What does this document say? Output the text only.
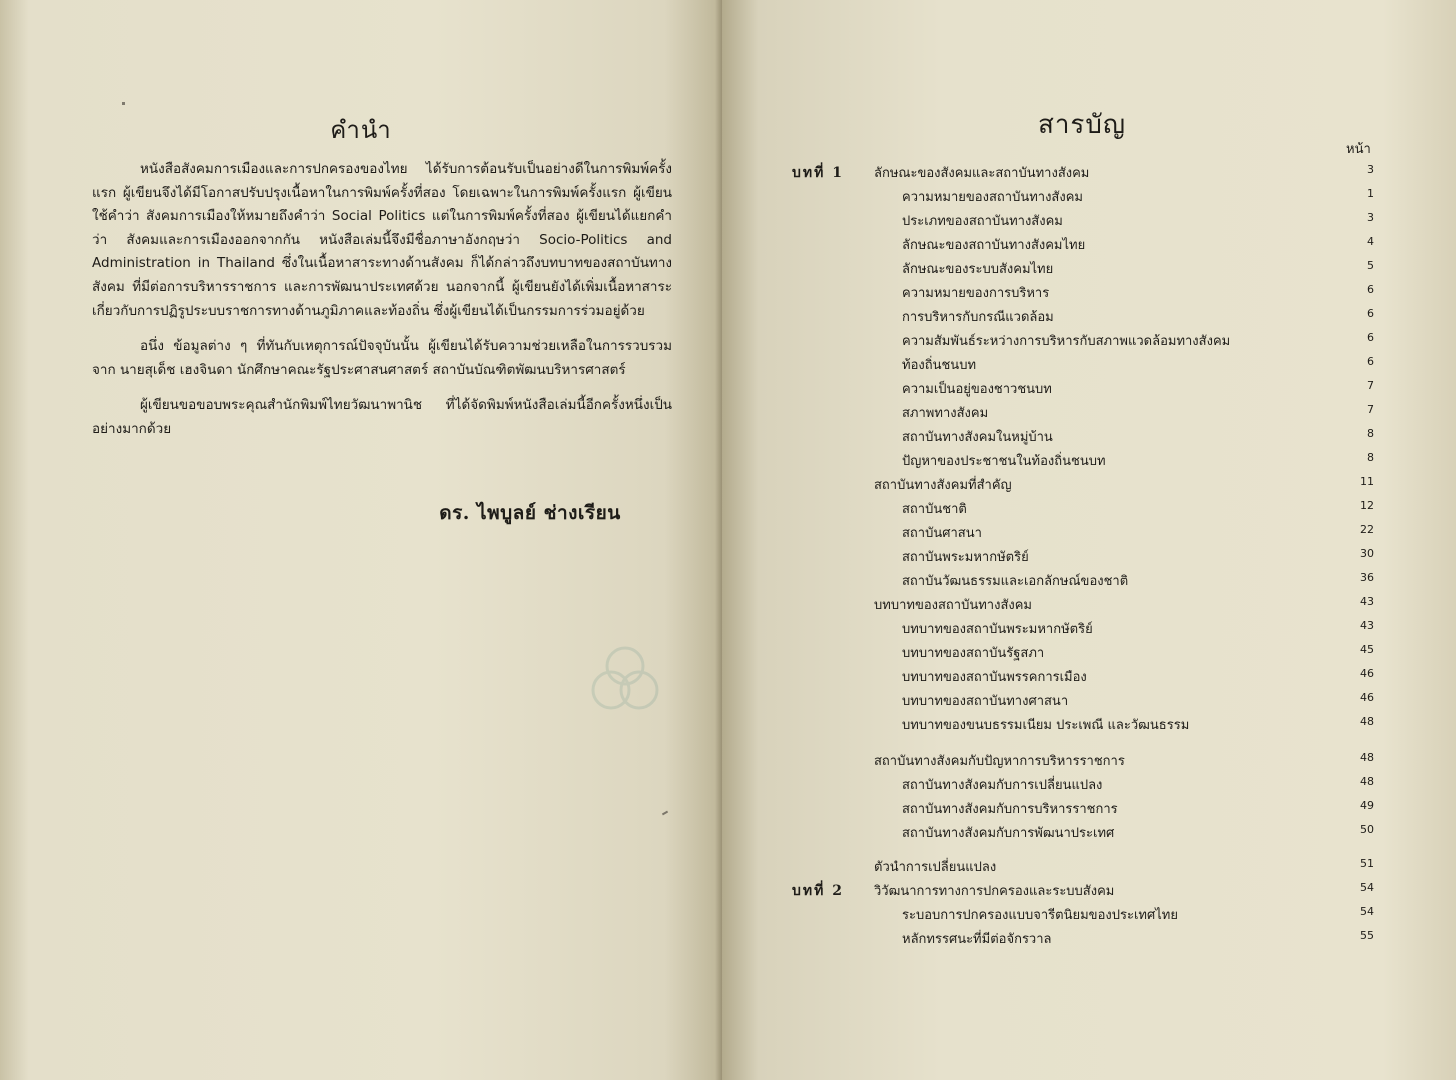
คำนำ

หนังสือสังคมการเมืองและการปกครองของไทย ได้รับการต้อนรับเป็นอย่างดีในการพิมพ์ครั้งแรก ผู้เขียนจึงได้มีโอกาสปรับปรุงเนื้อหาในการพิมพ์ครั้งที่สอง โดยเฉพาะในการพิมพ์ครั้งแรก ผู้เขียนใช้คำว่า สังคมการเมืองให้หมายถึงคำว่า Social Politics แต่ในการพิมพ์ครั้งที่สอง ผู้เขียนได้แยกคำว่า สังคมและการเมืองออกจากกัน หนังสือเล่มนี้จึงมีชื่อภาษาอังกฤษว่า Socio-Politics and Administration in Thailand ซึ่งในเนื้อหาสาระทางด้านสังคม ก็ได้กล่าวถึงบทบาทของสถาบันทางสังคม ที่มีต่อการบริหารราชการ และการพัฒนาประเทศด้วย นอกจากนี้ ผู้เขียนยังได้เพิ่มเนื้อหาสาระเกี่ยวกับการปฏิรูประบบราชการทางด้านภูมิภาคและท้องถิ่น ซึ่งผู้เขียนได้เป็นกรรมการร่วมอยู่ด้วย

อนึ่ง ข้อมูลต่าง ๆ ที่ทันกับเหตุการณ์ปัจจุบันนั้น ผู้เขียนได้รับความช่วยเหลือในการรวบรวมจาก นายสุเด็ช เฮงจินดา นักศึกษาคณะรัฐประศาสนศาสตร์ สถาบันบัณฑิตพัฒนบริหารศาสตร์

ผู้เขียนขอขอบพระคุณสำนักพิมพ์ไทยวัฒนาพานิช ที่ได้จัดพิมพ์หนังสือเล่มนี้อีกครั้งหนึ่งเป็นอย่างมากด้วย

ดร. ไพบูลย์ ช่างเรียน
สารบัญ
หน้า
บทที่ 1 ลักษณะของสังคมและสถาบันทางสังคม	3
ความหมายของสถาบันทางสังคม	1
ประเภทของสถาบันทางสังคม	3
ลักษณะของสถาบันทางสังคมไทย	4
ลักษณะของระบบสังคมไทย	5
ความหมายของการบริหาร	6
การบริหารกับกรณีแวดล้อม	6
ความสัมพันธ์ระหว่างการบริหารกับสภาพแวดล้อมทางสังคม	6
ท้องถิ่นชนบท	6
ความเป็นอยู่ของชาวชนบท	7
สภาพทางสังคม	7
สถาบันทางสังคมในหมู่บ้าน	8
ปัญหาของประชาชนในท้องถิ่นชนบท	8
สถาบันทางสังคมที่สำคัญ	11
สถาบันชาติ	12
สถาบันศาสนา	22
สถาบันพระมหากษัตริย์	30
สถาบันวัฒนธรรมและเอกลักษณ์ของชาติ	36
บทบาทของสถาบันทางสังคม	43
บทบาทของสถาบันพระมหากษัตริย์	43
บทบาทของสถาบันรัฐสภา	45
บทบาทของสถาบันพรรคการเมือง	46
บทบาทของสถาบันทางศาสนา	46
บทบาทของขนบธรรมเนียม ประเพณี และวัฒนธรรม	48
สถาบันทางสังคมกับปัญหาการบริหารราชการ	48
สถาบันทางสังคมกับการเปลี่ยนแปลง	48
สถาบันทางสังคมกับการบริหารราชการ	49
สถาบันทางสังคมกับการพัฒนาประเทศ	50
ตัวนำการเปลี่ยนแปลง	51
บทที่ 2 วิวัฒนาการทางการปกครองและระบบสังคม	54
ระบอบการปกครองแบบจารีตนิยมของประเทศไทย	54
หลักทรรศนะที่มีต่อจักรวาล	55
